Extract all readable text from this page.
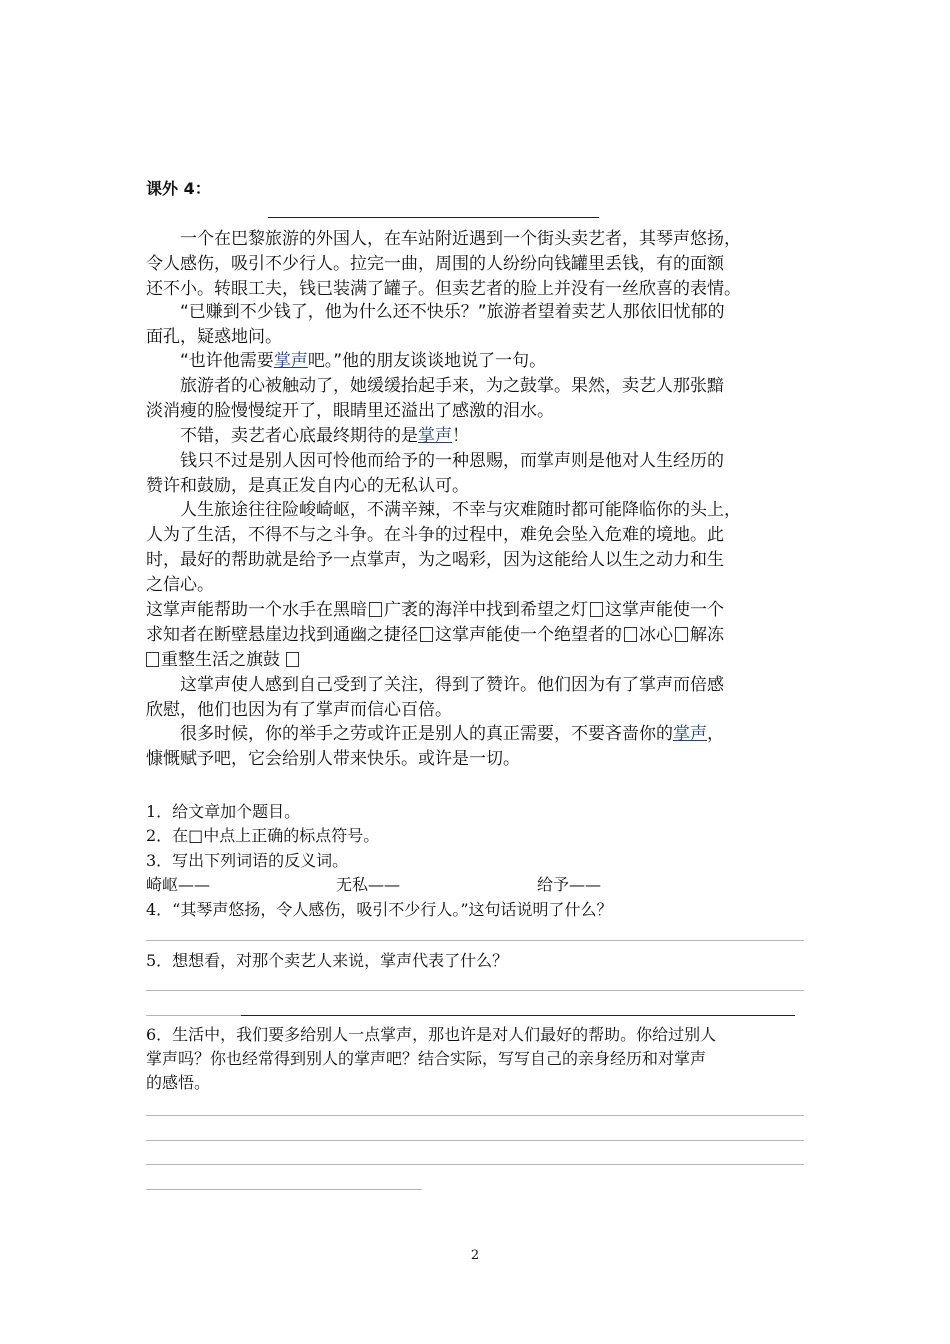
课外 4：
一个在巴黎旅游的外国人，在车站附近遇到一个街头卖艺者，其琴声悠扬，
令人感伤，吸引不少行人。拉完一曲，周围的人纷纷向钱罐里丢钱，有的面额
还不小。转眼工夫，钱已装满了罐子。但卖艺者的脸上并没有一丝欣喜的表情。
“已赚到不少钱了，他为什么还不快乐？”旅游者望着卖艺人那依旧忧郁的
面孔，疑惑地问。
“也许他需要掌声吧。”他的朋友谈谈地说了一句。
旅游者的心被触动了，她缓缓抬起手来，为之鼓掌。果然，卖艺人那张黯
淡消瘦的脸慢慢绽开了，眼睛里还溢出了感激的泪水。
不错，卖艺者心底最终期待的是掌声！
钱只不过是别人因可怜他而给予的一种恩赐，而掌声则是他对人生经历的
赞许和鼓励，是真正发自内心的无私认可。
人生旅途往往险峻崎岖，不满辛辣，不幸与灾难随时都可能降临你的头上，
人为了生活，不得不与之斗争。在斗争的过程中，难免会坠入危难的境地。此
时，最好的帮助就是给予一点掌声，为之喝彩，因为这能给人以生之动力和生
之信心。
这掌声能帮助一个水手在黑暗 广袤的海洋中找到希望之灯 这掌声能使一个
求知者在断壁悬崖边找到通幽之捷径 这掌声能使一个绝望者的 冰心 解冻
重整生活之旗鼓
这掌声使人感到自己受到了关注，得到了赞许。他们因为有了掌声而倍感
欣慰，他们也因为有了掌声而信心百倍。
很多时候，你的举手之劳或许正是别人的真正需要，不要吝啬你的掌声，
慷慨赋予吧，它会给别人带来快乐。或许是一切。
1．给文章加个题目。
2．在□中点上正确的标点符号。
3．写出下列词语的反义词。
崎岖——	无私——	给予——
4．“其琴声悠扬，令人感伤，吸引不少行人。”这句话说明了什么？
5．想想看，对那个卖艺人来说，掌声代表了什么？
6．生活中，我们要多给别人一点掌声，那也许是对人们最好的帮助。你给过别人
掌声吗？你也经常得到别人的掌声吧？结合实际，写写自己的亲身经历和对掌声
的感悟。
2
